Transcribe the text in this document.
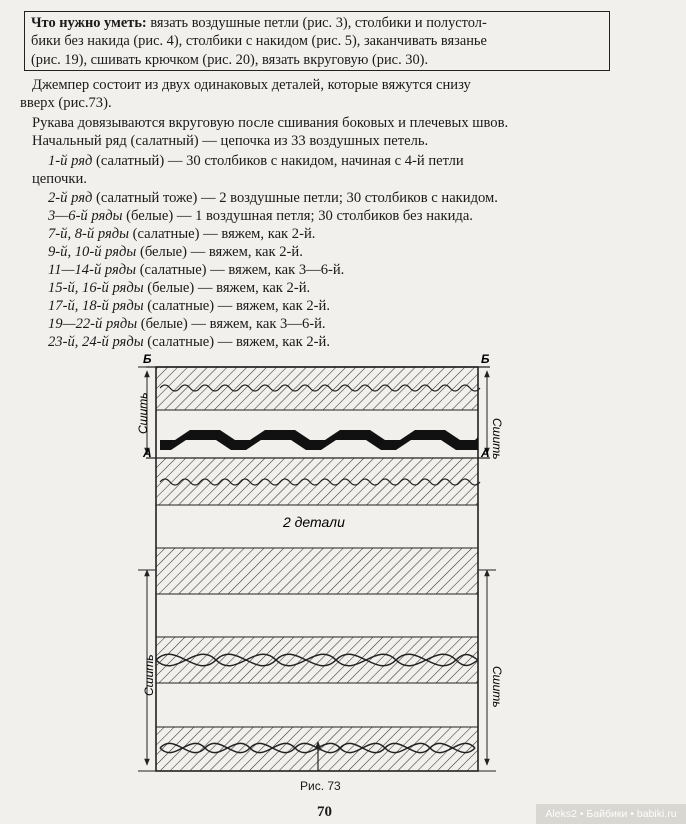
Что нужно уметь: вязать воздушные петли (рис. 3), столбики и полустол-
бики без накида (рис. 4), столбики с накидом (рис. 5), заканчивать вязанье
(рис. 19), сшивать крючком (рис. 20), вязать вкруговую (рис. 30).
Джемпер состоит из двух одинаковых деталей, которые вяжутся снизу
вверх (рис.73).
Рукава довязываются вкруговую после сшивания боковых и плечевых швов.
Начальный ряд (салатный) — цепочка из 33 воздушных петель.
1-й ряд (салатный) — 30 столбиков с накидом, начиная с 4-й петли
цепочки.
2-й ряд (салатный тоже) — 2 воздушные петли; 30 столбиков с накидом.
3—6-й ряды (белые) — 1 воздушная петля; 30 столбиков без накида.
7-й, 8-й ряды (салатные) — вяжем, как 2-й.
9-й, 10-й ряды (белые) — вяжем, как 2-й.
11—14-й ряды (салатные) — вяжем, как 3—6-й.
15-й, 16-й ряды (белые) — вяжем, как 2-й.
17-й, 18-й ряды (салатные) — вяжем, как 2-й.
19—22-й ряды (белые) — вяжем, как 3—6-й.
23-й, 24-й ряды (салатные) — вяжем, как 2-й.
Б	Б
А	А
Сшить
Сшить
Сшить	Сшить
2 детали
Рис. 73
70	Aleks2 • Байбики • babiki.ru
